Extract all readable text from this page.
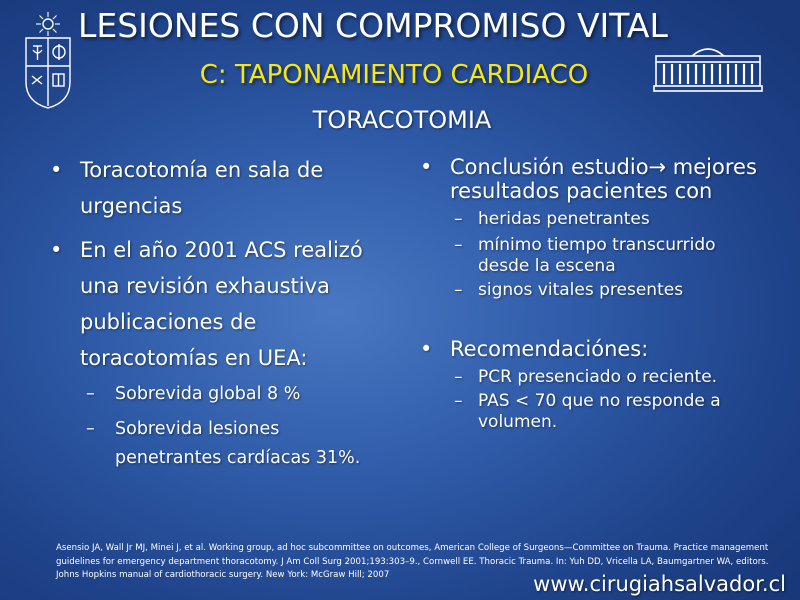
LESIONES CON COMPROMISO VITAL
C: TAPONAMIENTO CARDIACO
TORACOTOMIA
• Toracotomía en sala de urgencias
• En el año 2001 ACS realizó una revisión exhaustiva publicaciones de toracotomías en UEA:
– Sobrevida global 8 %
– Sobrevida lesiones penetrantes cardíacas 31%.
• Conclusión estudio→ mejores resultados pacientes con
– heridas penetrantes
– mínimo tiempo transcurrido desde la escena
– signos vitales presentes
• Recomendaciónes:
– PCR presenciado o reciente.
– PAS < 70 que no responde a volumen.
Asensio JA, Wall Jr MJ, Minei J, et al. Working group, ad hoc subcommittee on outcomes, American College of Surgeons—Committee on Trauma. Practice management guidelines for emergency department thoracotomy. J Am Coll Surg 2001;193:303–9., Cornwell EE. Thoracic Trauma. In: Yuh DD, Vricella LA, Baumgartner WA, editors. Johns Hopkins manual of cardiothoracic surgery. New York: McGraw Hill; 2007	www.cirugiahsalvador.cl
